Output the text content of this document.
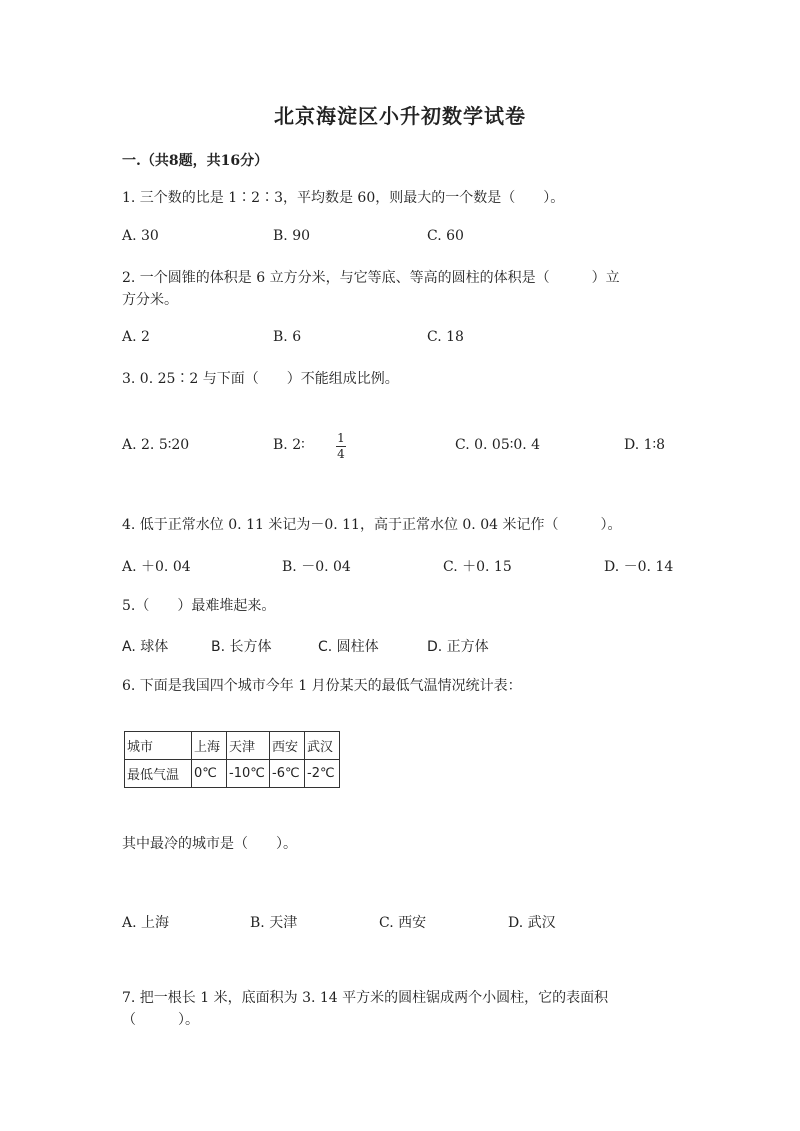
北京海淀区小升初数学试卷
一.（共8题，共16分）
1. 三个数的比是 1∶2∶3，平均数是 60，则最大的一个数是（　　）。
A. 30	B. 90	C. 60
2. 一个圆锥的体积是 6 立方分米，与它等底、等高的圆柱的体积是（　　　）立
方分米。
A. 2	B. 6	C. 18
3. 0. 25∶2 与下面（　　）不能组成比例。
A. 2. 5∶20	B. 2∶	1
4
C. 0. 05∶0. 4	D. 1∶8
4. 低于正常水位 0. 11 米记为－0. 11，高于正常水位 0. 04 米记作（　　　）。
A. ＋0. 04	B. －0. 04	C. ＋0. 15	D. －0. 14
5.（　　）最难堆起来。
A. 球体	B. 长方体	C. 圆柱体	D. 正方体
6. 下面是我国四个城市今年 1 月份某天的最低气温情况统计表：
城市	上海	天津	西安	武汉
最低气温	0℃	-10℃	-6℃	-2℃
其中最冷的城市是（　　）。
A. 上海	B. 天津	C. 西安	D. 武汉
7. 把一根长 1 米，底面积为 3. 14 平方米的圆柱锯成两个小圆柱，它的表面积
（　　　）。
